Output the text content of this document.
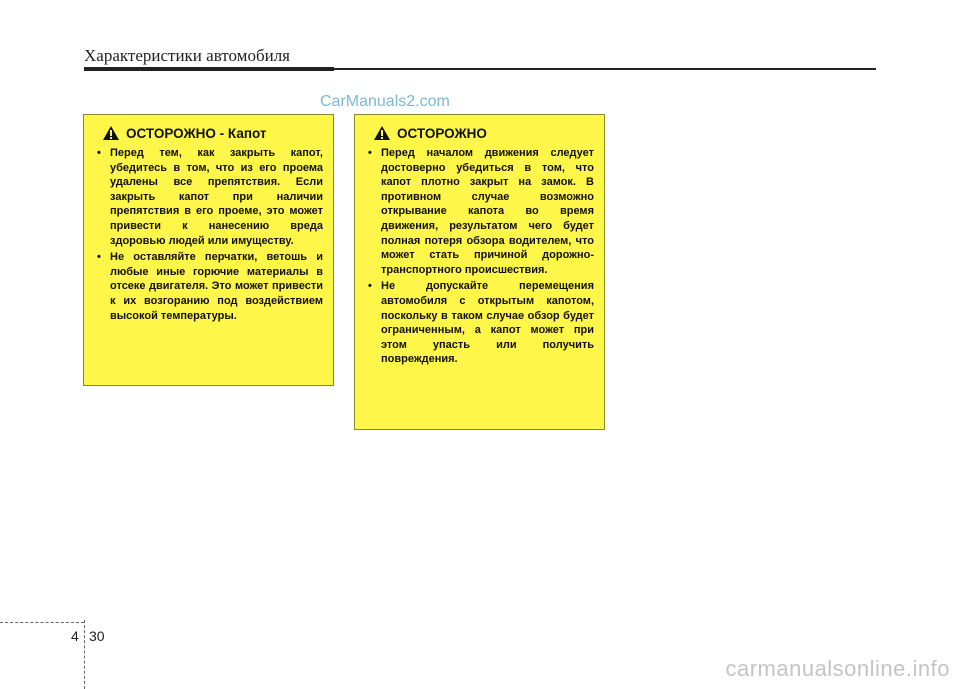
Характеристики автомобиля
CarManuals2.com
ОСТОРОЖНО - Капот
• Перед тем, как закрыть капот, убедитесь в том, что из его проема удалены все препятствия. Если закрыть капот при наличии препятствия в его проеме, это может привести к нанесению вреда здоровью людей или имуществу.
• Не оставляйте перчатки, ветошь и любые иные горючие материалы в отсеке двигателя. Это может привести к их возгоранию под воздействием высокой температуры.
ОСТОРОЖНО
• Перед началом движения следует достоверно убедиться в том, что капот плотно закрыт на замок. В противном случае возможно открывание капота во время движения, результатом чего будет полная потеря обзора водителем, что может стать причиной дорожно-транспортного происшествия.
• Не допускайте перемещения автомобиля с открытым капотом, поскольку в таком случае обзор будет ограниченным, а капот может при этом упасть или получить повреждения.
4 30
carmanualsonline.info
